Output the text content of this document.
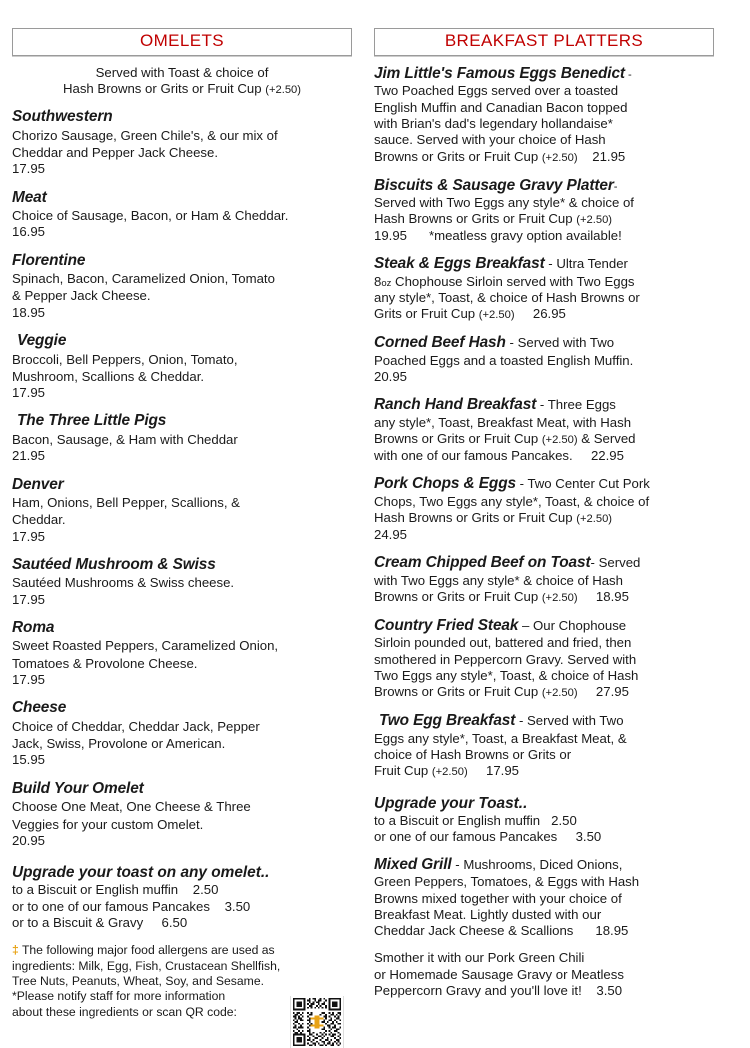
OMELETS
Served with Toast & choice of
Hash Browns or Grits or Fruit Cup (+2.50)
Southwestern
Chorizo Sausage, Green Chile's, & our mix of
Cheddar and Pepper Jack Cheese.
17.95
Meat
Choice of Sausage, Bacon, or Ham & Cheddar.
16.95
Florentine
Spinach, Bacon, Caramelized Onion, Tomato
& Pepper Jack Cheese.
18.95
Veggie
Broccoli, Bell Peppers, Onion, Tomato,
Mushroom, Scallions & Cheddar.
17.95
The Three Little Pigs
Bacon, Sausage, & Ham with Cheddar
21.95
Denver
Ham, Onions, Bell Pepper, Scallions, &
Cheddar.
17.95
Sautéed Mushroom & Swiss
Sautéed Mushrooms & Swiss cheese.
17.95
Roma
Sweet Roasted Peppers, Caramelized Onion,
Tomatoes & Provolone Cheese.
17.95
Cheese
Choice of Cheddar, Cheddar Jack, Pepper
Jack, Swiss, Provolone or American.
15.95
Build Your Omelet
Choose One Meat, One Cheese & Three
Veggies for your custom Omelet.
20.95
Upgrade your toast on any omelet..
to a Biscuit or English muffin    2.50
or to one of our famous Pancakes    3.50
or to a Biscuit & Gravy     6.50
‡ The following major food allergens are used as
ingredients: Milk, Egg, Fish, Crustacean Shellfish,
Tree Nuts, Peanuts, Wheat, Soy, and Sesame.
*Please notify staff for more information
about these ingredients or scan QR code:
BREAKFAST PLATTERS
Jim Little's Famous Eggs Benedict -
Two Poached Eggs served over a toasted
English Muffin and Canadian Bacon topped
with Brian's dad's legendary hollandaise*
sauce. Served with your choice of Hash
Browns or Grits or Fruit Cup (+2.50)    21.95
Biscuits & Sausage Gravy Platter-
Served with Two Eggs any style* & choice of
Hash Browns or Grits or Fruit Cup (+2.50)
19.95      *meatless gravy option available!
Steak & Eggs Breakfast - Ultra Tender
8oz Chophouse Sirloin served with Two Eggs
any style*, Toast, & choice of Hash Browns or
Grits or Fruit Cup (+2.50)     26.95
Corned Beef Hash - Served with Two
Poached Eggs and a toasted English Muffin.
20.95
Ranch Hand Breakfast - Three Eggs
any style*, Toast, Breakfast Meat, with Hash
Browns or Grits or Fruit Cup (+2.50) & Served
with one of our famous Pancakes.     22.95
Pork Chops & Eggs - Two Center Cut Pork
Chops, Two Eggs any style*, Toast, & choice of
Hash Browns or Grits or Fruit Cup (+2.50)
24.95
Cream Chipped Beef on Toast- Served
with Two Eggs any style* & choice of Hash
Browns or Grits or Fruit Cup (+2.50)     18.95
Country Fried Steak – Our Chophouse
Sirloin pounded out, battered and fried, then
smothered in Peppercorn Gravy. Served with
Two Eggs any style*, Toast, & choice of Hash
Browns or Grits or Fruit Cup (+2.50)     27.95
Two Egg Breakfast - Served with Two
Eggs any style*, Toast, a Breakfast Meat, &
choice of Hash Browns or Grits or
Fruit Cup (+2.50)     17.95
Upgrade your Toast..
to a Biscuit or English muffin   2.50
or one of our famous Pancakes     3.50
Mixed Grill - Mushrooms, Diced Onions,
Green Peppers, Tomatoes, & Eggs with Hash
Browns mixed together with your choice of
Breakfast Meat. Lightly dusted with our
Cheddar Jack Cheese & Scallions      18.95
Smother it with our Pork Green Chili
or Homemade Sausage Gravy or Meatless
Peppercorn Gravy and you'll love it!    3.50
